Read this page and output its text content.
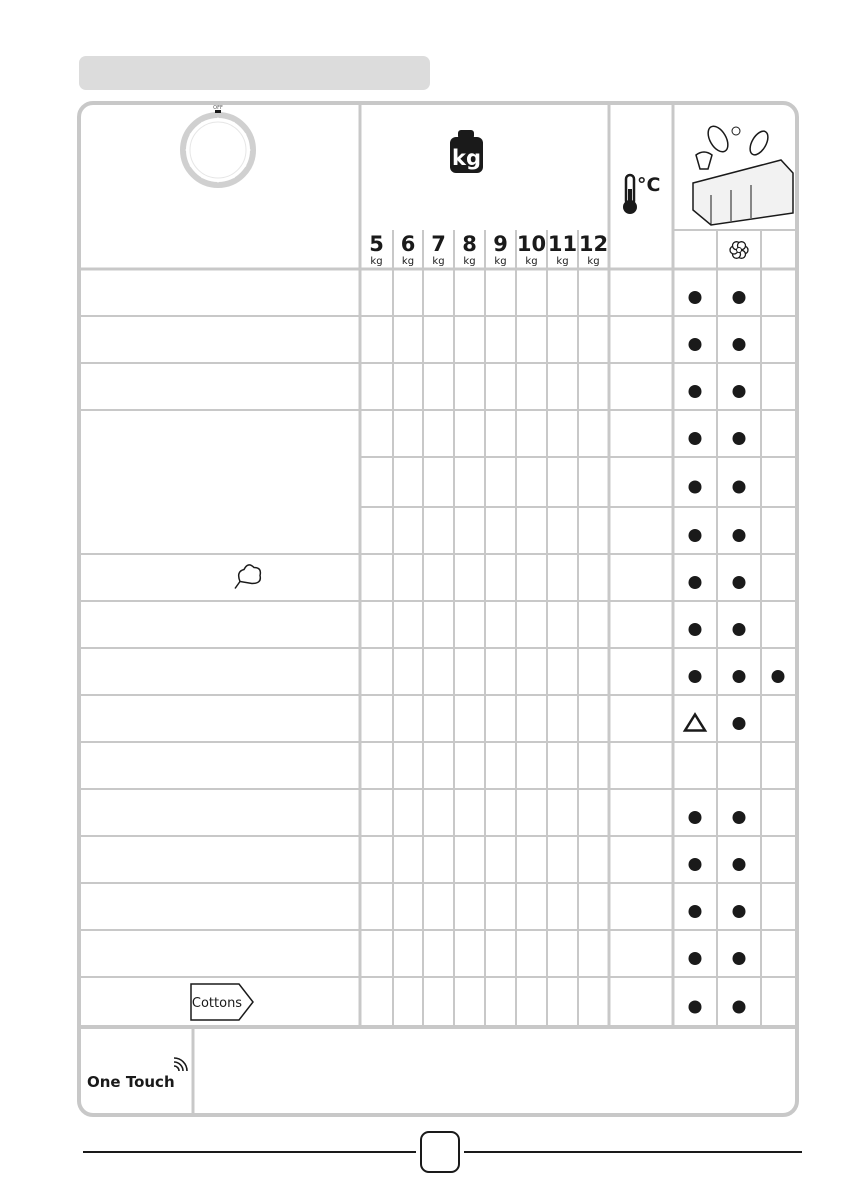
OFF
kg
5
kg
6
kg
7
kg
8
kg
9
kg
10
kg
11
kg
12
kg
°C
Cottons
One Touch
